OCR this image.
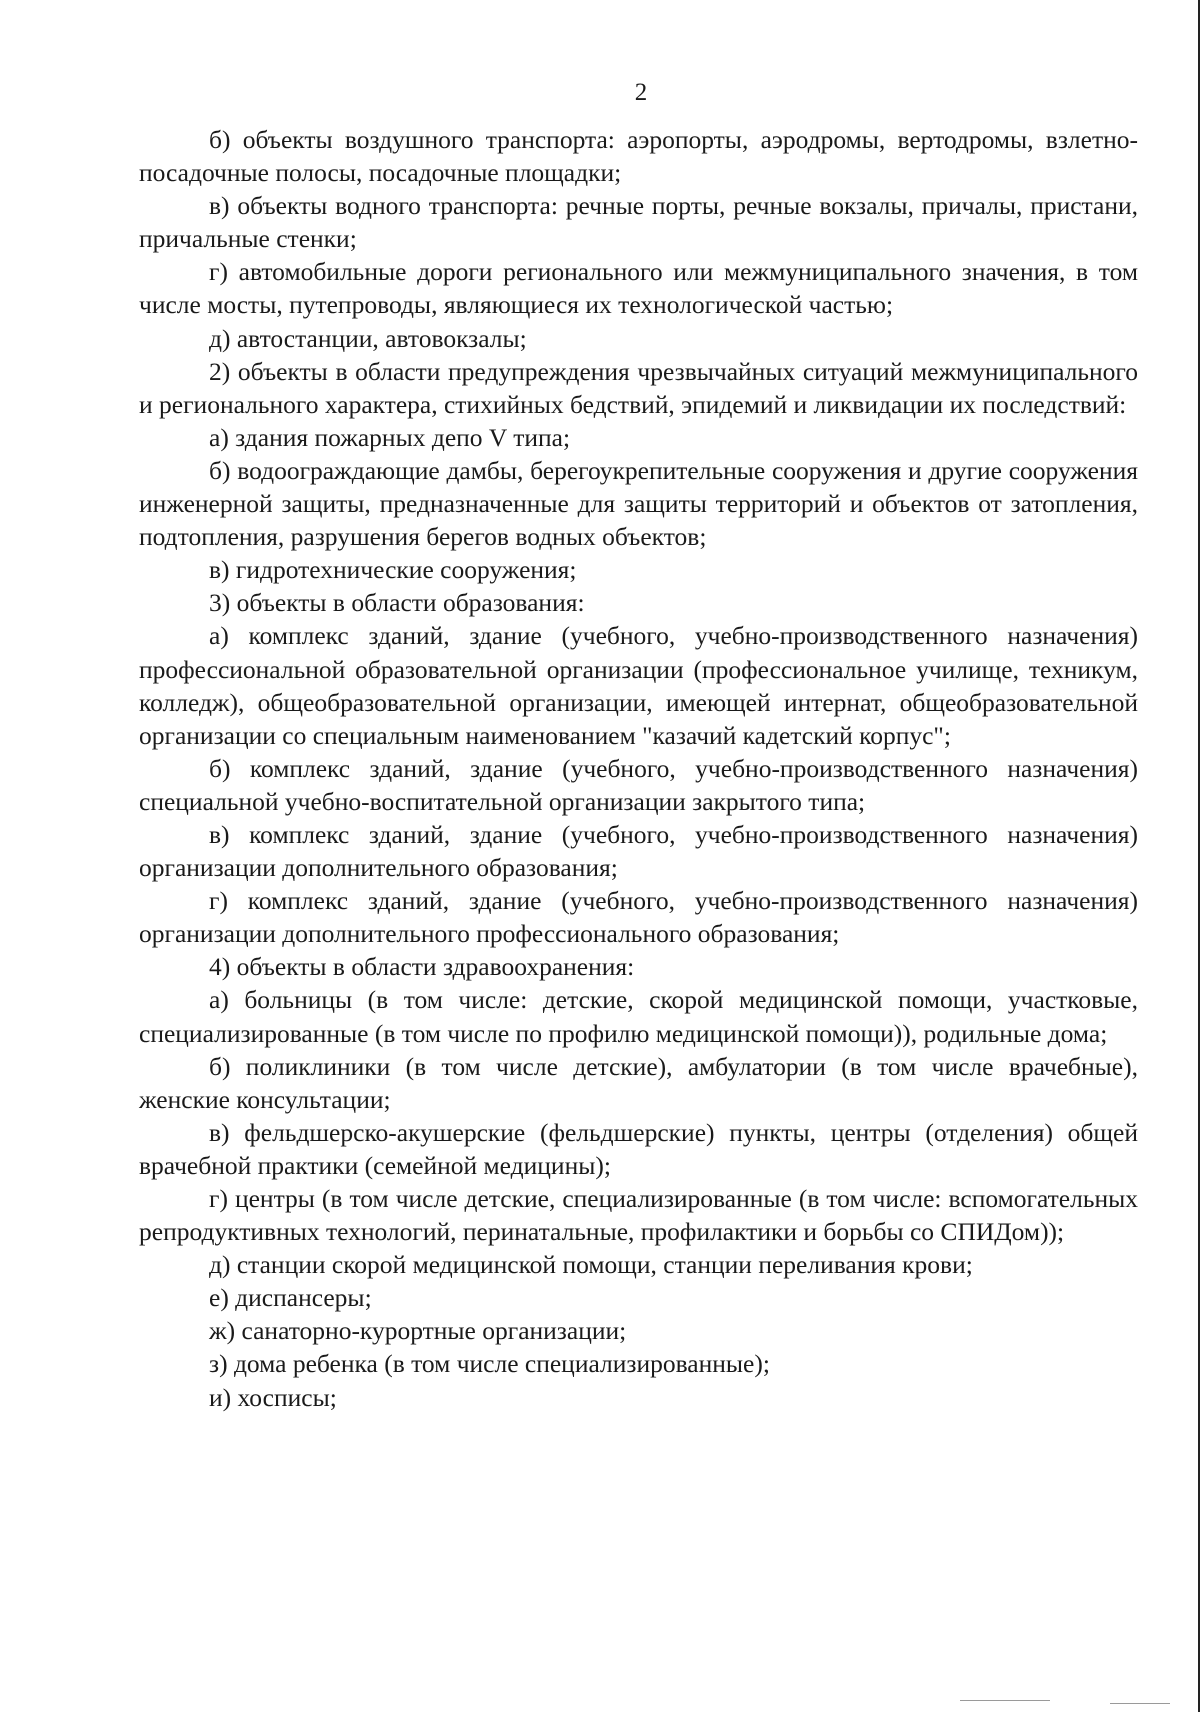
2

б) объекты воздушного транспорта: аэропорты, аэродромы, вертодромы, взлетно-посадочные полосы, посадочные площадки;

в) объекты водного транспорта: речные порты, речные вокзалы, причалы, пристани, причальные стенки;

г) автомобильные дороги регионального или межмуниципального значения, в том числе мосты, путепроводы, являющиеся их технологической частью;

д) автостанции, автовокзалы;

2) объекты в области предупреждения чрезвычайных ситуаций межмуниципального и регионального характера, стихийных бедствий, эпидемий и ликвидации их последствий:

а) здания пожарных депо V типа;

б) водоограждающие дамбы, берегоукрепительные сооружения и другие сооружения инженерной защиты, предназначенные для защиты территорий и объектов от затопления, подтопления, разрушения берегов водных объектов;

в) гидротехнические сооружения;

3) объекты в области образования:

а) комплекс зданий, здание (учебного, учебно-производственного назначения) профессиональной образовательной организации (профессиональное училище, техникум, колледж), общеобразовательной организации, имеющей интернат, общеобразовательной организации со специальным наименованием "казачий кадетский корпус";

б) комплекс зданий, здание (учебного, учебно-производственного назначения) специальной учебно-воспитательной организации закрытого типа;

в) комплекс зданий, здание (учебного, учебно-производственного назначения) организации дополнительного образования;

г) комплекс зданий, здание (учебного, учебно-производственного назначения) организации дополнительного профессионального образования;

4) объекты в области здравоохранения:

а) больницы (в том числе: детские, скорой медицинской помощи, участковые, специализированные (в том числе по профилю медицинской помощи)), родильные дома;

б) поликлиники (в том числе детские), амбулатории (в том числе врачебные), женские консультации;

в) фельдшерско-акушерские (фельдшерские) пункты, центры (отделения) общей врачебной практики (семейной медицины);

г) центры (в том числе детские, специализированные (в том числе: вспомогательных репродуктивных технологий, перинатальные, профилактики и борьбы со СПИДом));

д) станции скорой медицинской помощи, станции переливания крови;

е) диспансеры;

ж) санаторно-курортные организации;

з) дома ребенка (в том числе специализированные);

и) хосписы;
